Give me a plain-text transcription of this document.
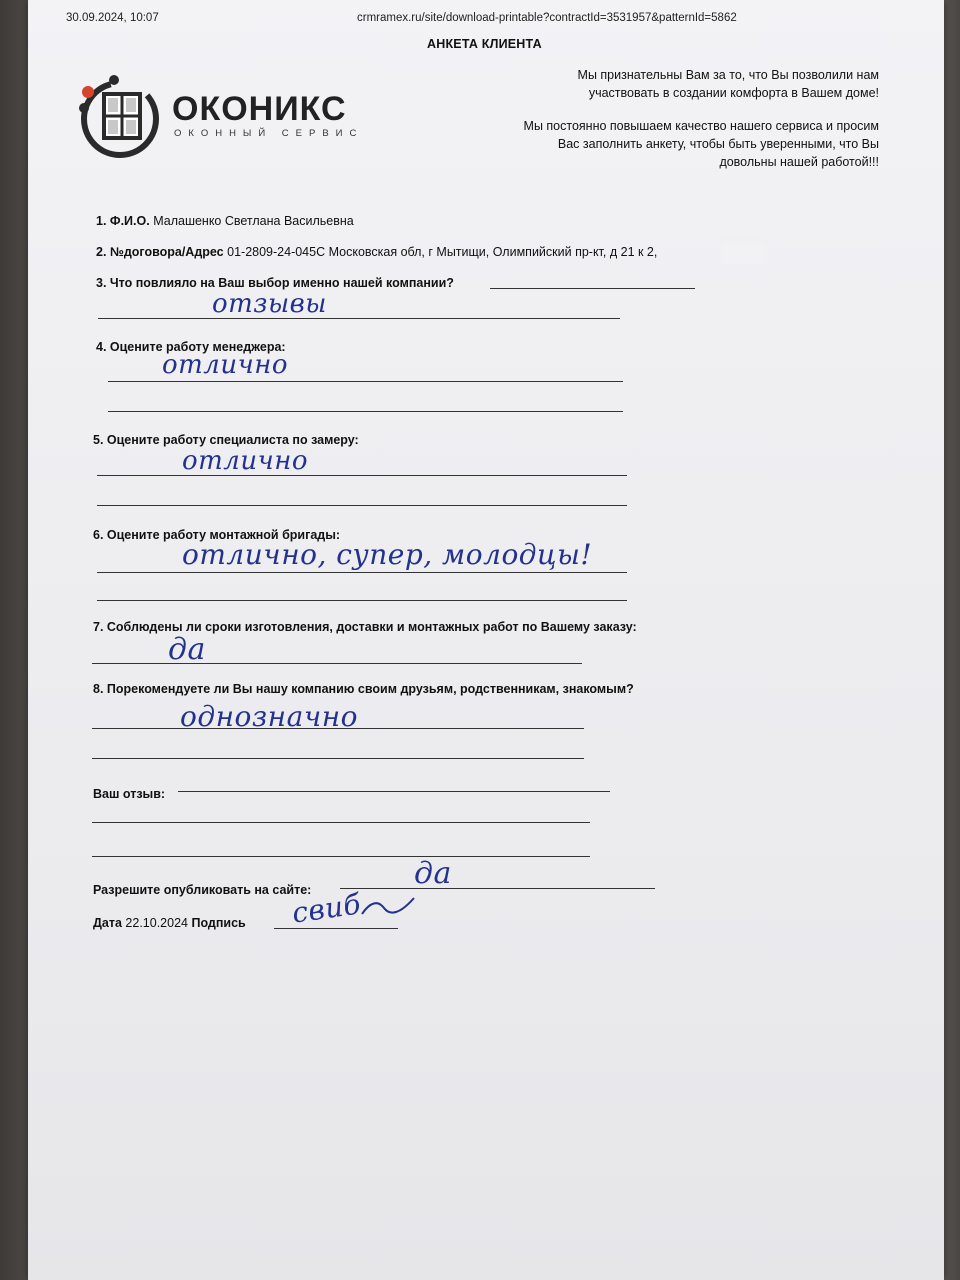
30.09.2024, 10:07	crmramex.ru/site/download-printable?contractId=3531957&patternId=5862
АНКЕТА КЛИЕНТА
ОКОНИКС
ОКОННЫЙ СЕРВИС
Мы признательны Вам за то, что Вы позволили нам
участвовать в создании комфорта в Вашем доме!
Мы постоянно повышаем качество нашего сервиса и просим
Вас заполнить анкету, чтобы быть уверенными, что Вы
довольны нашей работой!!!
1. Ф.И.О. Малашенко Светлана Васильевна
2. №договора/Адрес 01-2809-24-045С Московская обл, г Мытищи, Олимпийский пр-кт, д 21 к 2,
3. Что повлияло на Ваш выбор именно нашей компании?
отзывы
4. Оцените работу менеджера:
отлично
5. Оцените работу специалиста по замеру:
отлично
6. Оцените работу монтажной бригады:
отлично, супер, молодцы!
7. Соблюдены ли сроки изготовления, доставки и монтажных работ по Вашему заказу:
да
8. Порекомендуете ли Вы нашу компанию своим друзьям, родственникам, знакомым?
однозначно
Ваш отзыв:
Разрешите опубликовать на сайте:	да
Дата 22.10.2024 Подпись свиб
